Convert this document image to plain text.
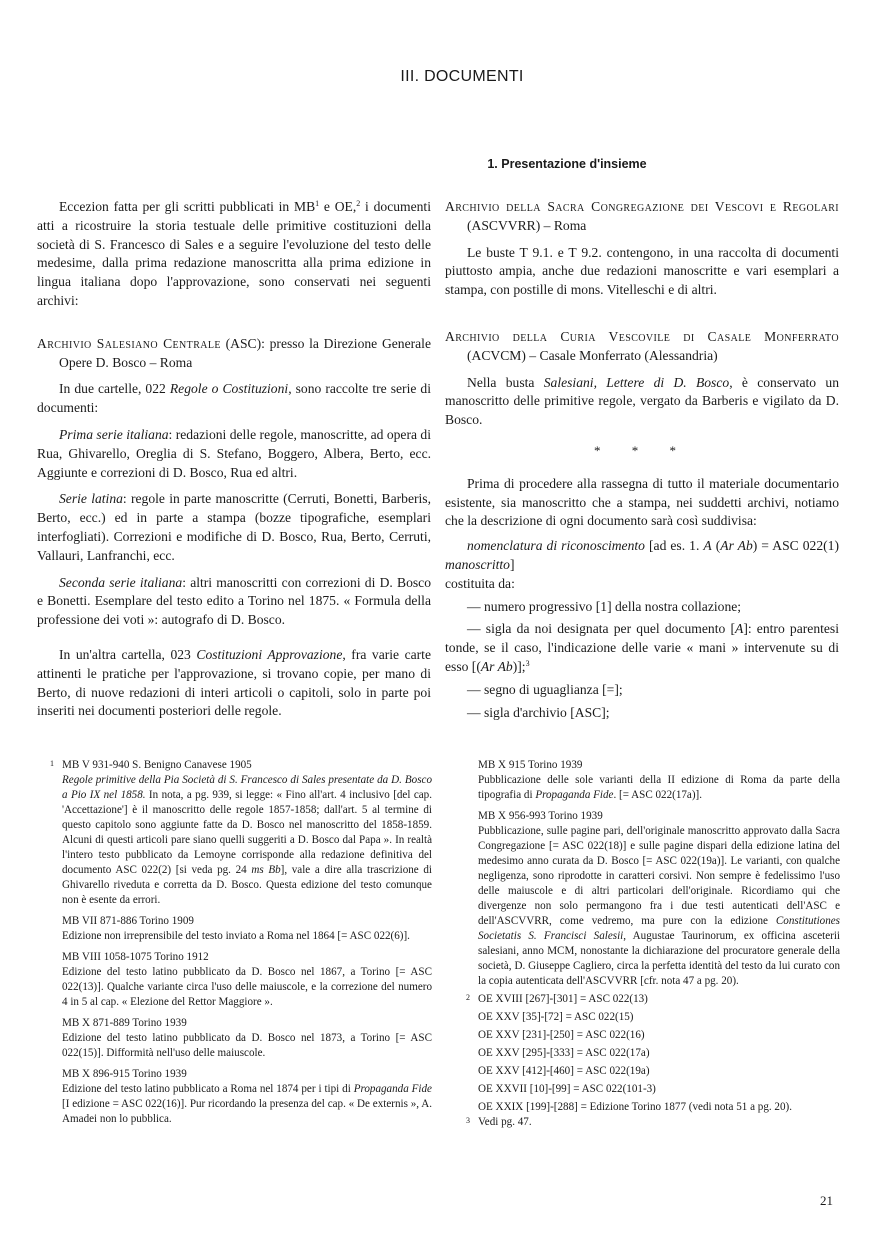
III. DOCUMENTI
1. Presentazione d'insieme

Eccezion fatta per gli scritti pubblicati in $MB^1$ e OE,$^2$ i documenti atti a ricostruire la storia testuale delle primitive costituzioni della società di S. Francesco di Sales e a seguire l'evoluzione del testo delle medesime, dalla prima redazione manoscritta alla prima edizione in lingua italiana dopo l'approvazione, sono conservati nei seguenti archivi:

Archivio Salesiano Centrale (ASC): presso la Direzione Generale Opere D. Bosco – Roma

In due cartelle, 022 Regole o Costituzioni, sono raccolte tre serie di documenti:

Prima serie italiana: redazioni delle regole, manoscritte, ad opera di Rua, Ghivarello, Oreglia di S. Stefano, Boggero, Albera, Berto, ecc. Aggiunte e correzioni di D. Bosco, Rua ed altri.

Serie latina: regole in parte manoscritte (Cerruti, Bonetti, Barberis, Berto, ecc.) ed in parte a stampa (bozze tipografiche, esemplari interfogliati). Correzioni e modifiche di D. Bosco, Rua, Berto, Cerruti, Vallauri, Lanfranchi, ecc.

Seconda serie italiana: altri manoscritti con correzioni di D. Bosco e Bonetti. Esemplare del testo edito a Torino nel 1875. « Formula della professione dei voti »: autografo di D. Bosco.

In un'altra cartella, 023 Costituzioni Approvazione, fra varie carte attinenti le pratiche per l'approvazione, si trovano copie, per mano di Berto, di nuove redazioni di interi articoli o capitoli, solo in parte poi inseriti nei documenti posteriori delle regole.

Archivio della Sacra Congregazione dei Vescovi e Regolari (ASCVVRR) – Roma

Le buste T 9.1. e T 9.2. contengono, in una raccolta di documenti piuttosto ampia, anche due redazioni manoscritte e vari esemplari a stampa, con postille di mons. Vitelleschi e di altri.

Archivio della Curia Vescovile di Casale Monferrato (ACVCM) – Casale Monferrato (Alessandria)

Nella busta Salesiani, Lettere di D. Bosco, è conservato un manoscritto delle primitive regole, vergato da Barberis e vigilato da D. Bosco.

* * *

Prima di procedere alla rassegna di tutto il materiale documentario esistente, sia manoscritto che a stampa, nei suddetti archivi, notiamo che la descrizione di ogni documento sarà così suddivisa:

nomenclatura di riconoscimento [ad es. 1. A (Ar Ab) = ASC 022(1) manoscritto]

costituita da:

— numero progressivo [1] della nostra collazione;

— sigla da noi designata per quel documento [A]: entro parentesi tonde, se il caso, l'indicazione delle varie « mani » intervenute su di esso [(Ar Ab)];$^3$

— segno di uguaglianza [=];

— sigla d'archivio [ASC];

1 MB V 931-940 S. Benigno Canavese 1905
Regole primitive della Pia Società di S. Francesco di Sales presentate da D. Bosco a Pio IX nel 1858. In nota, a pg. 939, si legge: « Fino all'art. 4 inclusivo [del cap. 'Accettazione'] è il manoscritto delle regole 1857-1858; dall'art. 5 al termine di questo capitolo sono aggiunte fatte da D. Bosco nel manoscritto del 1858-1859. Alcuni di questi articoli pare siano quelli suggeriti a D. Bosco dal Papa ». In realtà l'intero testo pubblicato da Lemoyne corrisponde alla redazione definitiva del documento ASC 022(2) [si veda pg. 24 ms Bb], vale a dire alla trascrizione di Ghivarello riveduta e corretta da D. Bosco. Questa edizione del testo comunque non è esente da errori.
MB VII 871-886 Torino 1909
Edizione non irreprensibile del testo inviato a Roma nel 1864 [= ASC 022(6)].
MB VIII 1058-1075 Torino 1912
Edizione del testo latino pubblicato da D. Bosco nel 1867, a Torino [= ASC 022(13)]. Qualche variante circa l'uso delle maiuscole, e la correzione del numero 4 in 5 al cap. « Elezione del Rettor Maggiore ».
MB X 871-889 Torino 1939
Edizione del testo latino pubblicato da D. Bosco nel 1873, a Torino [= ASC 022(15)]. Difformità nell'uso delle maiuscole.
MB X 896-915 Torino 1939
Edizione del testo latino pubblicato a Roma nel 1874 per i tipi di Propaganda Fide [I edizione = ASC 022(16)]. Pur ricordando la presenza del cap. « De externis », A. Amadei non lo pubblica.
MB X 915 Torino 1939
Pubblicazione delle sole varianti della II edizione di Roma da parte della tipografia di Propaganda Fide. [= ASC 022(17a)].
MB X 956-993 Torino 1939
Pubblicazione, sulle pagine pari, dell'originale manoscritto approvato dalla Sacra Congregazione [= ASC 022(18)] e sulle pagine dispari della edizione latina del medesimo anno curata da D. Bosco [= ASC 022(19a)]. Le varianti, con qualche negligenza, sono riprodotte in caratteri corsivi. Non sempre è fedelissimo l'uso delle maiuscole e di altri particolari dell'originale. Ricordiamo qui che divergenze non solo permangono fra i due testi autenticati dell'ASC e dell'ASCVVRR, come vedremo, ma pure con la edizione Constitutiones Societatis S. Francisci Salesii, Augustae Taurinorum, ex officina asceterii salesiani, anno MCM, nonostante la dichiarazione del procuratore generale della società, D. Giuseppe Cagliero, circa la perfetta identità del testo da lui curato con la copia autenticata dell'ASCVVRR [cfr. nota 47 a pg. 20).
2 OE XVIII [267]-[301] = ASC 022(13)
OE XXV [35]-[72] = ASC 022(15)
OE XXV [231]-[250] = ASC 022(16)
OE XXV [295]-[333] = ASC 022(17a)
OE XXV [412]-[460] = ASC 022(19a)
OE XXVII [10]-[99] = ASC 022(101-3)
OE XXIX [199]-[288] = Edizione Torino 1877 (vedi nota 51 a pg. 20).
3 Vedi pg. 47.
21
